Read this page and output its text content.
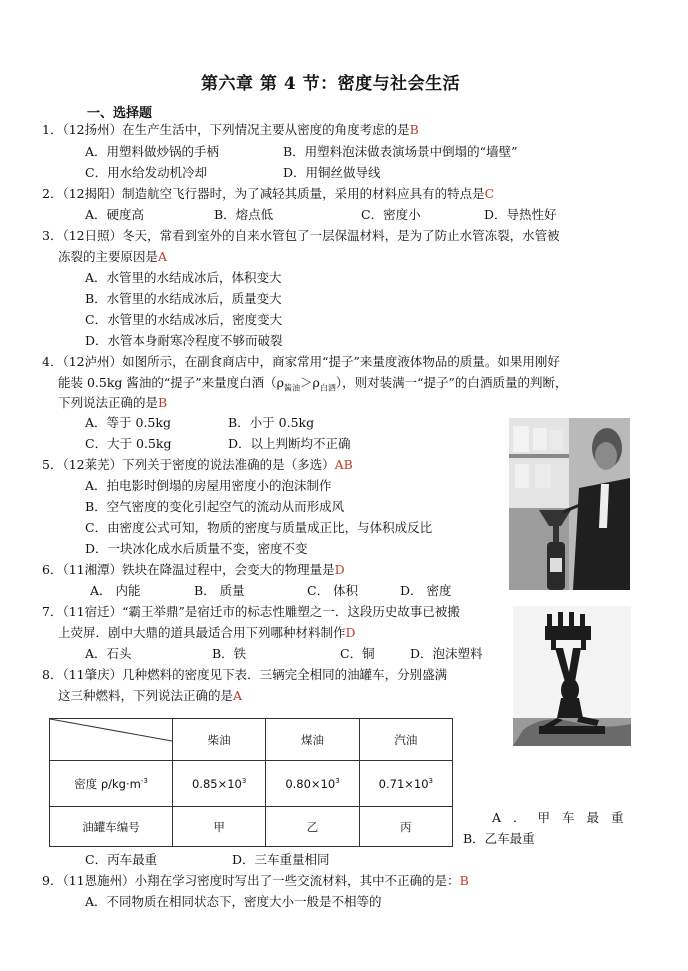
第六章 第 4 节：密度与社会生活
一、选择题
1．（12扬州）在生产生活中，下列情况主要从密度的角度考虑的是B
A．用塑料做炒锅的手柄	B．用塑料泡沫做表演场景中倒塌的“墙壁”
C．用水给发动机冷却	D．用铜丝做导线
2．（12揭阳）制造航空飞行器时，为了减轻其质量，采用的材料应具有的特点是C
A．硬度高	B．熔点低	C．密度小	D．导热性好
3．（12日照）冬天，常看到室外的自来水管包了一层保温材料，是为了防止水管冻裂，水管被
冻裂的主要原因是A
A．水管里的水结成冰后，体积变大
B．水管里的水结成冰后，质量变大
C．水管里的水结成冰后，密度变大
D．水管本身耐寒冷程度不够而破裂
4．（12泸州）如图所示，在副食商店中，商家常用“提子”来量度液体物品的质量。如果用刚好
能装 0.5kg 酱油的“提子”来量度白酒$(\rho_{酱油}>\rho_{白酒})$，则对装满一“提子”的白酒质量的判断，
下列说法正确的是B
A．等于 0.5kg	B．小于 0.5kg
C．大于 0.5kg	D．以上判断均不正确
5．（12莱芜）下列关于密度的说法准确的是（多选）AB
A．拍电影时倒塌的房屋用密度小的泡沫制作
B．空气密度的变化引起空气的流动从而形成风
C．由密度公式可知，物质的密度与质量成正比，与体积成反比
D．一块冰化成水后质量不变，密度不变
6．（11湘潭）铁块在降温过程中，会变大的物理量是D
A． 内能	B． 质量	C． 体积	D． 密度
7．（11宿迁）“霸王举鼎”是宿迁市的标志性雕塑之一．这段历史故事已被搬
上荧屏．剧中大鼎的道具最适合用下列哪种材料制作D
A．石头	B．铁	C．铜	D．泡沫塑料
8．（11肇庆）几种燃料的密度见下表．三辆完全相同的油罐车，分别盛满
这三种燃料，下列说法正确的是A
	柴油	煤油	汽油
密度 $\rho/kg\cdot m^{-3}$	$0.85\times 10^3$	$0.80\times 10^3$	$0.71\times 10^3$
油罐车编号	甲	乙	丙
A．甲车最重
B．乙车最重
C．丙车最重	D．三车重量相同
9．（11恩施州）小翔在学习密度时写出了一些交流材料，其中不正确的是：B
A．不同物质在相同状态下，密度大小一般是不相等的
